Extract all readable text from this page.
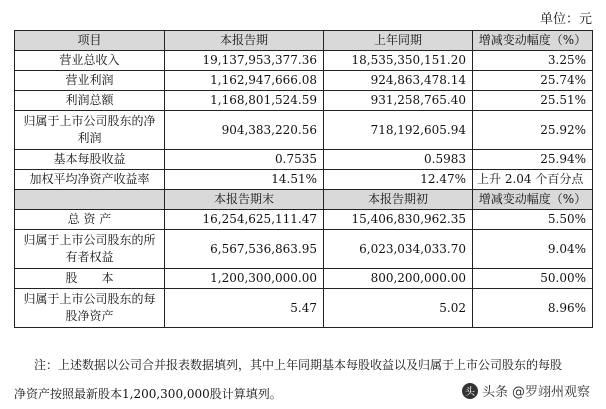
单位：元
项目	本报告期	上年同期	增减变动幅度（%）
营业总收入	19,137,953,377.36	18,535,350,151.20	3.25%
营业利润	1,162,947,666.08	924,863,478.14	25.74%
利润总额	1,168,801,524.59	931,258,765.40	25.51%
归属于上市公司股东的净利润	904,383,220.56	718,192,605.94	25.92%
基本每股收益	0.7535	0.5983	25.94%
加权平均净资产收益率	14.51%	12.47%	上升 2.04 个百分点
	本报告期末	本报告期初	增减变动幅度（%）
总 资 产	16,254,625,111.47	15,406,830,962.35	5.50%
归属于上市公司股东的所有者权益	6,567,536,863.95	6,023,034,033.70	9.04%
股　　本	1,200,300,000.00	800,200,000.00	50.00%
归属于上市公司股东的每股净资产	5.47	5.02	8.96%
注：上述数据以公司合并报表数据填列，其中上年同期基本每股收益以及归属于上市公司股东的每股
净资产按照最新股本1,200,300,000股计算填列。	头 头条 @罗翊州观察
